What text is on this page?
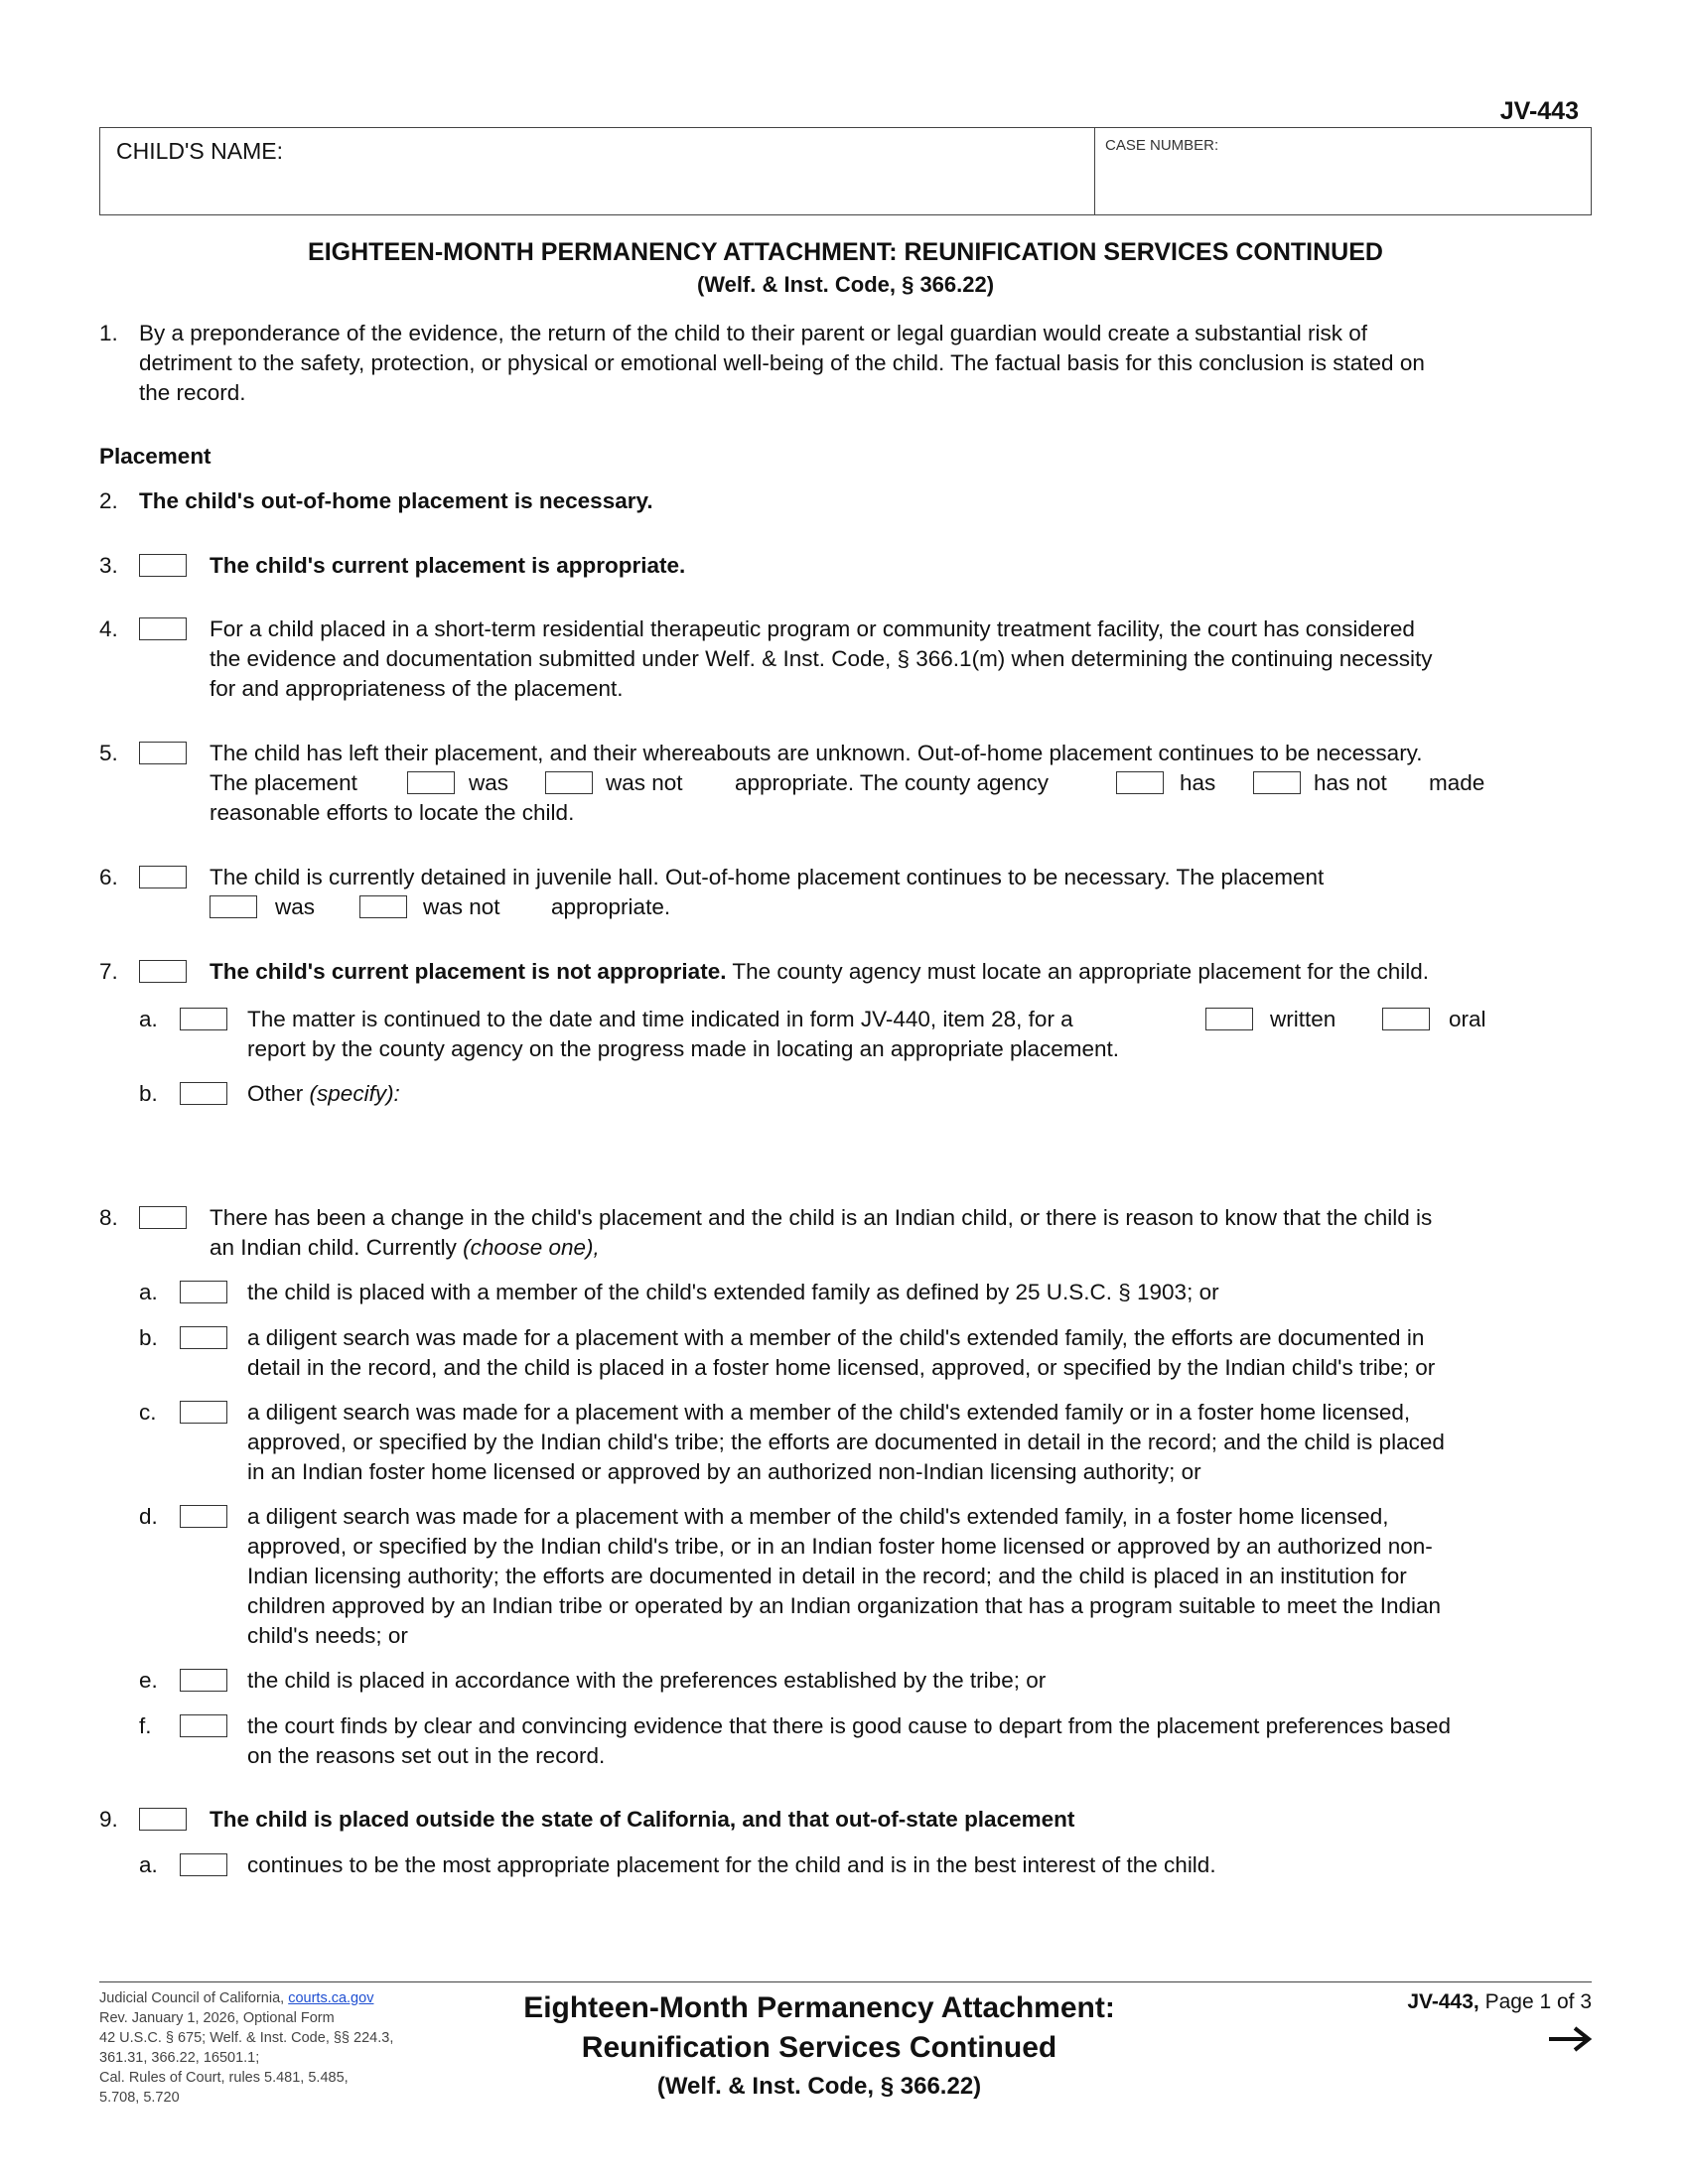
JV-443
CHILD'S NAME:	CASE NUMBER:
EIGHTEEN-MONTH PERMANENCY ATTACHMENT: REUNIFICATION SERVICES CONTINUED
(Welf. & Inst. Code, § 366.22)
1. By a preponderance of the evidence, the return of the child to their parent or legal guardian would create a substantial risk of
detriment to the safety, protection, or physical or emotional well-being of the child. The factual basis for this conclusion is stated on
the record.
Placement
2. The child's out-of-home placement is necessary.
3.	The child's current placement is appropriate.
4.	For a child placed in a short-term residential therapeutic program or community treatment facility, the court has considered
the evidence and documentation submitted under Welf. & Inst. Code, § 366.1(m) when determining the continuing necessity
for and appropriateness of the placement.
5.	The child has left their placement, and their whereabouts are unknown. Out-of-home placement continues to be necessary.
The placement	was	was not appropriate. The county agency	has	has not made
reasonable efforts to locate the child.
6.	The child is currently detained in juvenile hall. Out-of-home placement continues to be necessary. The placement
was	was not appropriate.
7.	The child's current placement is not appropriate. The county agency must locate an appropriate placement for the child.
a.	The matter is continued to the date and time indicated in form JV-440, item 28, for a	written	oral
report by the county agency on the progress made in locating an appropriate placement.
b.	Other (specify):
8.	There has been a change in the child's placement and the child is an Indian child, or there is reason to know that the child is
an Indian child. Currently (choose one),
a.	the child is placed with a member of the child's extended family as defined by 25 U.S.C. § 1903; or
b.	a diligent search was made for a placement with a member of the child's extended family, the efforts are documented in
detail in the record, and the child is placed in a foster home licensed, approved, or specified by the Indian child's tribe; or
c.	a diligent search was made for a placement with a member of the child's extended family or in a foster home licensed,
approved, or specified by the Indian child's tribe; the efforts are documented in detail in the record; and the child is placed
in an Indian foster home licensed or approved by an authorized non-Indian licensing authority; or
d.	a diligent search was made for a placement with a member of the child's extended family, in a foster home licensed,
approved, or specified by the Indian child's tribe, or in an Indian foster home licensed or approved by an authorized non-
Indian licensing authority; the efforts are documented in detail in the record; and the child is placed in an institution for
children approved by an Indian tribe or operated by an Indian organization that has a program suitable to meet the Indian
child's needs; or
e.	the child is placed in accordance with the preferences established by the tribe; or
f.	the court finds by clear and convincing evidence that there is good cause to depart from the placement preferences based
on the reasons set out in the record.
9.	The child is placed outside the state of California, and that out-of-state placement
a.	continues to be the most appropriate placement for the child and is in the best interest of the child.
Judicial Council of California, courts.ca.gov
Rev. January 1, 2026, Optional Form
42 U.S.C. § 675; Welf. & Inst. Code, §§ 224.3,
361.31, 366.22, 16501.1;
Cal. Rules of Court, rules 5.481, 5.485,
5.708, 5.720
Eighteen-Month Permanency Attachment:
Reunification Services Continued
(Welf. & Inst. Code, § 366.22)
JV-443, Page 1 of 3
